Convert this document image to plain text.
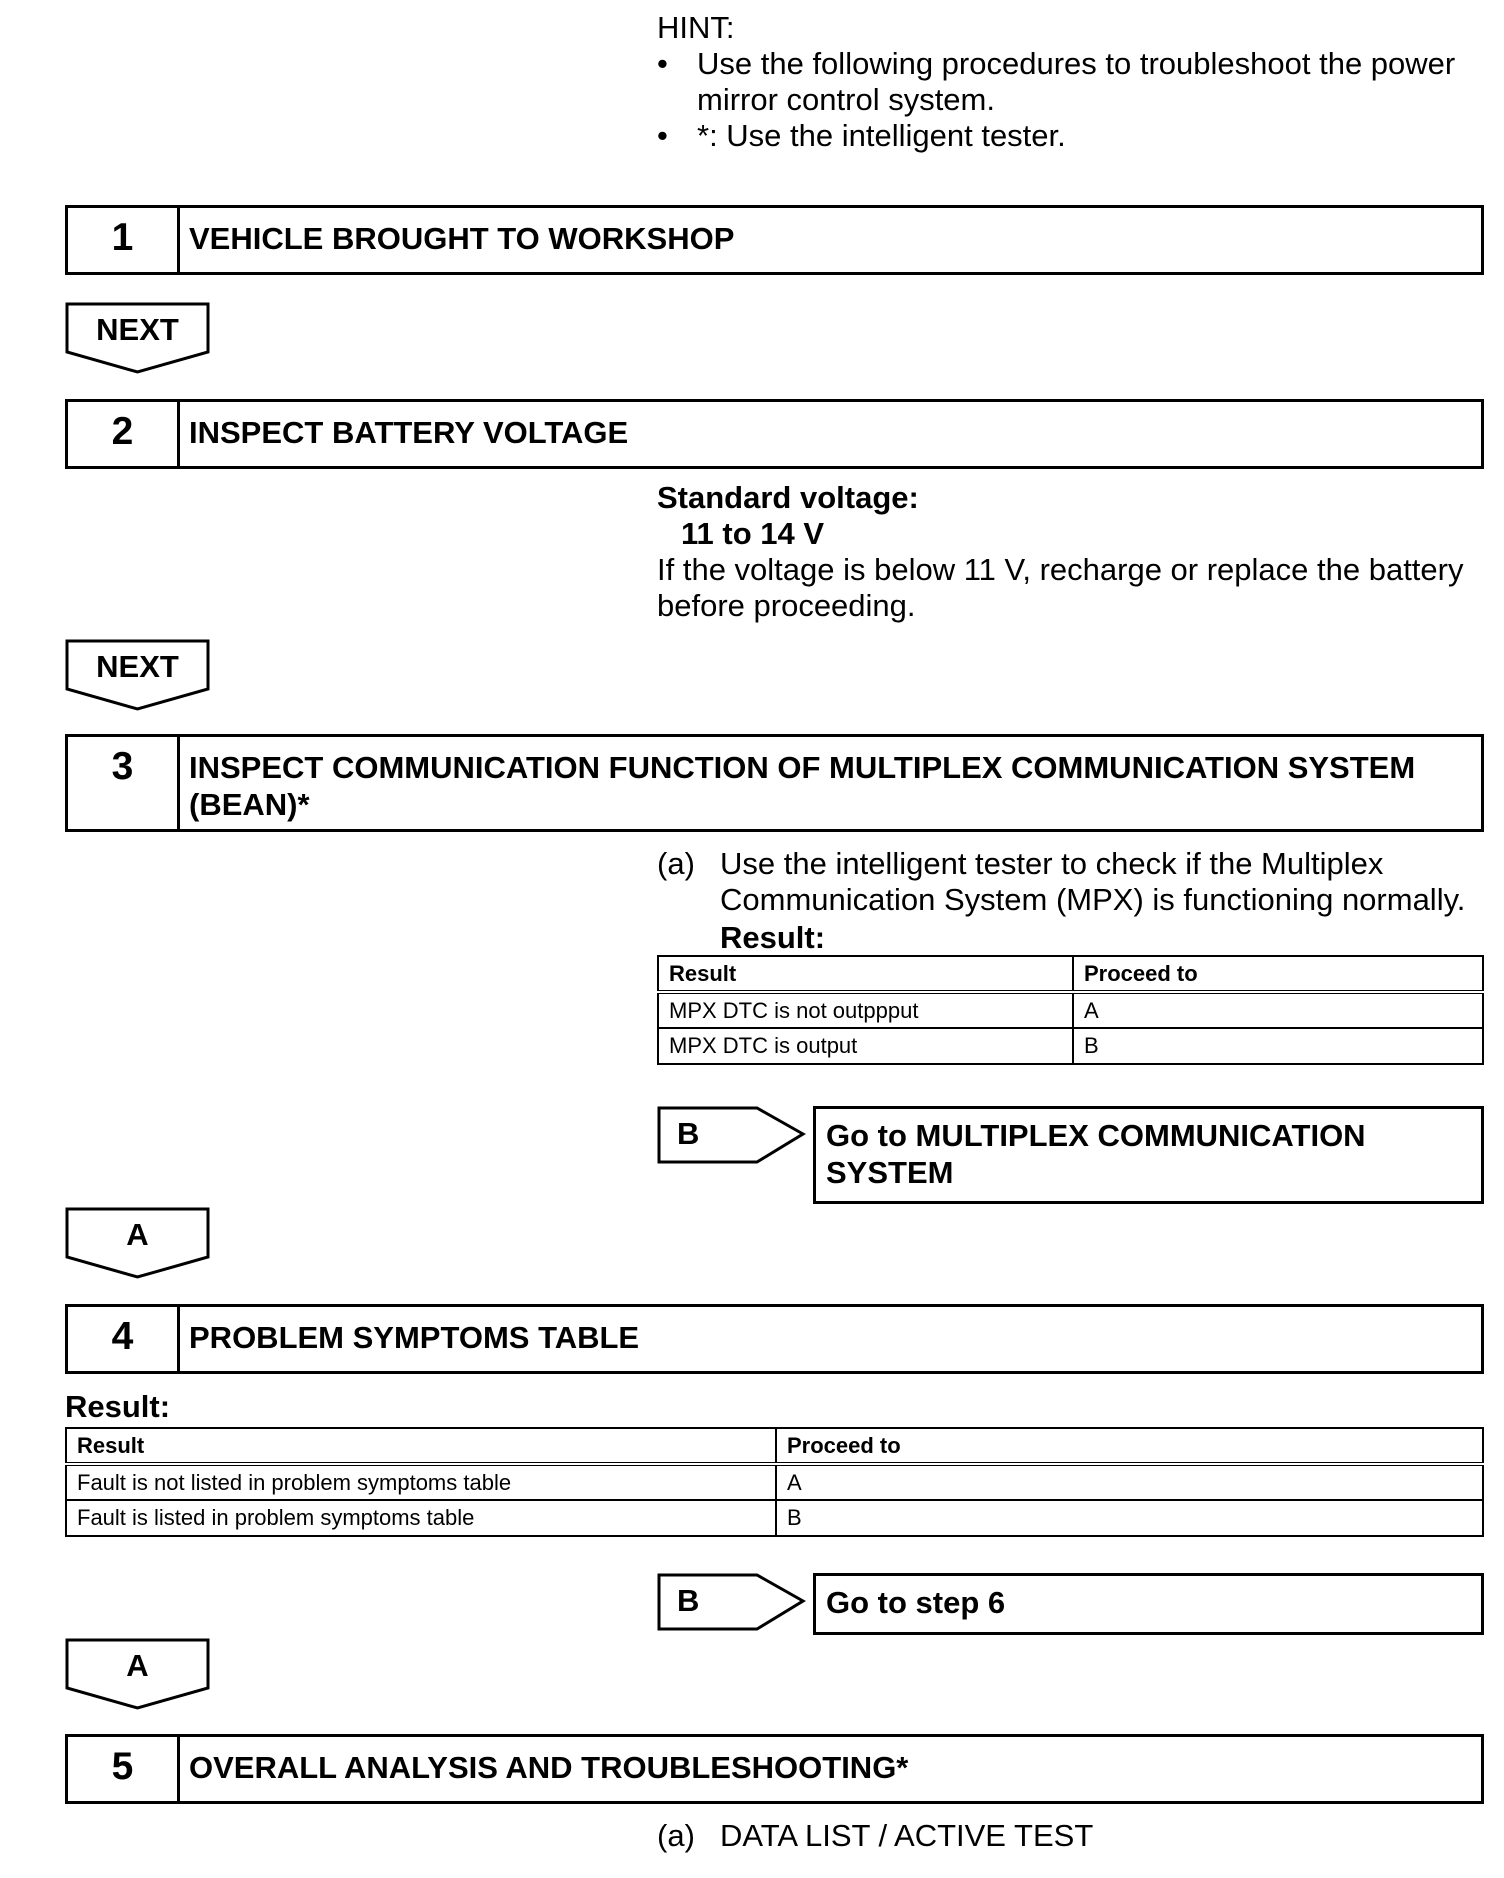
HINT:
• Use the following procedures to troubleshoot the power mirror control system.
• *: Use the intelligent tester.
1	VEHICLE BROUGHT TO WORKSHOP
NEXT
2	INSPECT BATTERY VOLTAGE
Standard voltage:
11 to 14 V
If the voltage is below 11 V, recharge or replace the battery before proceeding.
NEXT
3	INSPECT COMMUNICATION FUNCTION OF MULTIPLEX COMMUNICATION SYSTEM (BEAN)*
(a) Use the intelligent tester to check if the Multiplex Communication System (MPX) is functioning normally.
Result:
Result	Proceed to
MPX DTC is not outppput	A
MPX DTC is output	B
B	Go to MULTIPLEX COMMUNICATION SYSTEM
A
4	PROBLEM SYMPTOMS TABLE
Result:
Result	Proceed to
Fault is not listed in problem symptoms table	A
Fault is listed in problem symptoms table	B
B	Go to step 6
A
5	OVERALL ANALYSIS AND TROUBLESHOOTING*
(a) DATA LIST / ACTIVE TEST
